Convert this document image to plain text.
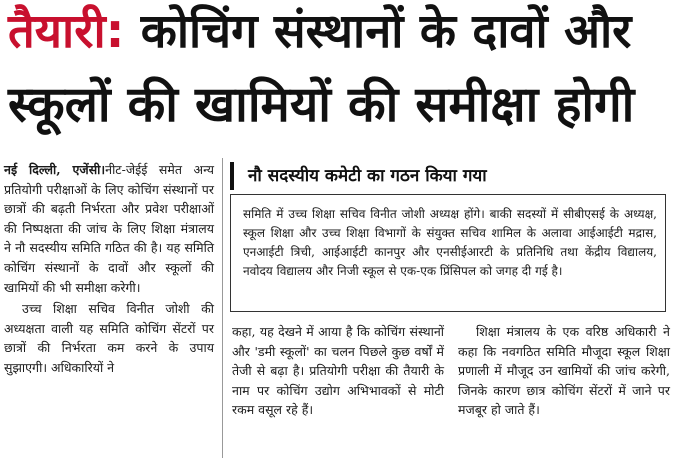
तैयारी: कोचिंग संस्थानों के दावों और
स्कूलों की खामियों की समीक्षा होगी

नई दिल्ली, एजेंसी।नीट-जेईई समेत अन्य प्रतियोगी परीक्षाओं के लिए कोचिंग संस्थानों पर छात्रों की बढ़ती निर्भरता और प्रवेश परीक्षाओं की निष्पक्षता की जांच के लिए शिक्षा मंत्रालय ने नौ सदस्यीय समिति गठित की है। यह समिति कोचिंग संस्थानों के दावों और स्कूलों की खामियों की भी समीक्षा करेगी।

उच्च शिक्षा सचिव विनीत जोशी की अध्यक्षता वाली यह समिति कोचिंग सेंटरों पर छात्रों की निर्भरता कम करने के उपाय सुझाएगी। अधिकारियों ने

नौ सदस्यीय कमेटी का गठन किया गया
समिति में उच्च शिक्षा सचिव विनीत जोशी अध्यक्ष होंगे। बाकी सदस्यों में सीबीएसई के अध्यक्ष, स्कूल शिक्षा और उच्च शिक्षा विभागों के संयुक्त सचिव शामिल के अलावा आईआईटी मद्रास, एनआईटी त्रिची, आईआईटी कानपुर और एनसीईआरटी के प्रतिनिधि तथा केंद्रीय विद्यालय, नवोदय विद्यालय और निजी स्कूल से एक-एक प्रिंसिपल को जगह दी गई है।

कहा, यह देखने में आया है कि कोचिंग संस्थानों और 'डमी स्कूलों' का चलन पिछले कुछ वर्षों में तेजी से बढ़ा है। प्रतियोगी परीक्षा की तैयारी के नाम पर कोचिंग उद्योग अभिभावकों से मोटी रकम वसूल रहे हैं।

शिक्षा मंत्रालय के एक वरिष्ठ अधिकारी ने कहा कि नवगठित समिति मौजूदा स्कूल शिक्षा प्रणाली में मौजूद उन खामियों की जांच करेगी, जिनके कारण छात्र कोचिंग सेंटरों में जाने पर मजबूर हो जाते हैं।
